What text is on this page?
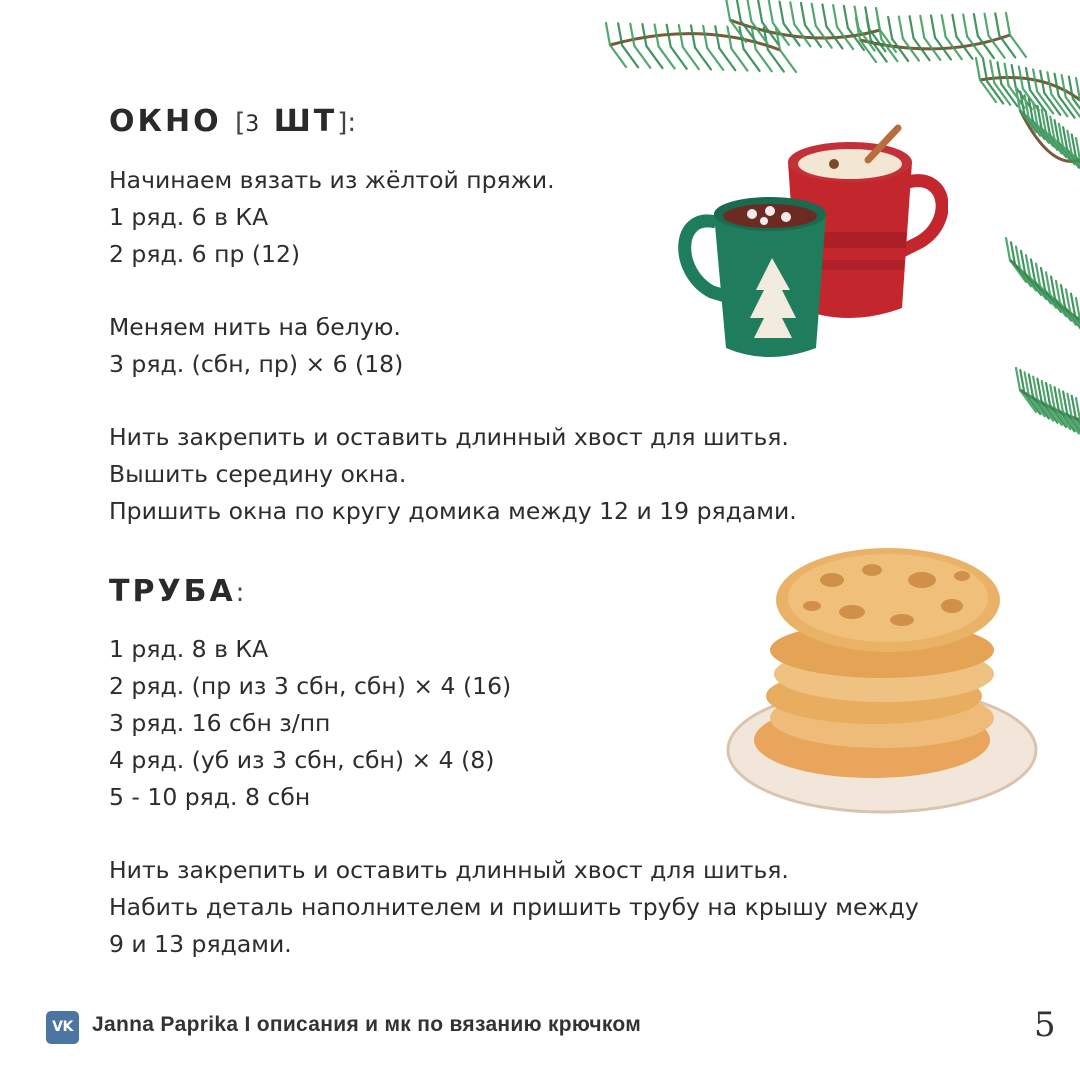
ОКНО [3 ШТ]:
Начинаем вязать из жёлтой пряжи.
1 ряд. 6 в КА
2 ряд. 6 пр (12)
Меняем нить на белую.
3 ряд. (сбн, пр) × 6 (18)
Нить закрепить и оставить длинный хвост для шитья.
Вышить середину окна.
Пришить окна по кругу домика между 12 и 19 рядами.
ТРУБА:
1 ряд. 8 в КА
2 ряд. (пр из 3 сбн, сбн) × 4 (16)
3 ряд. 16 сбн з/пп
4 ряд. (уб из 3 сбн, сбн) × 4 (8)
5 - 10 ряд. 8 сбн
Нить закрепить и оставить длинный хвост для шитья.
Набить деталь наполнителем и пришить трубу на крышу между
9 и 13 рядами.
VK Janna Paprika I описания и мк по вязанию крючком	5
